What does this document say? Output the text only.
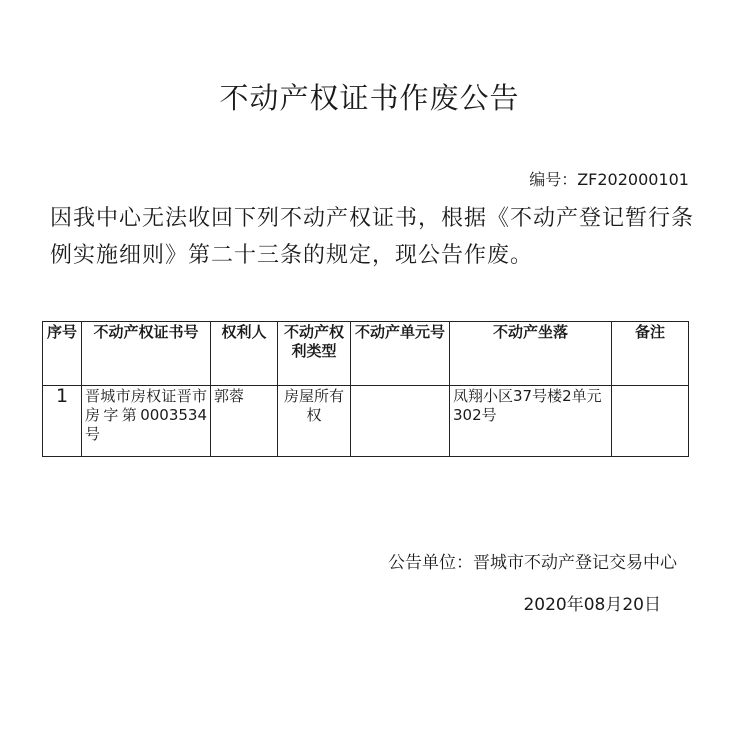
不动产权证书作废公告
编号：ZF202000101
因我中心无法收回下列不动产权证书，根据《不动产登记暂行条例实施细则》第二十三条的规定，现公告作废。
序号	不动产权证书号	权利人	不动产权利类型	不动产单元号	不动产坐落	备注
1	晋城市房权证晋市房字第0003534号	郭蓉	房屋所有权		凤翔小区37号楼2单元302号	
公告单位：晋城市不动产登记交易中心
2020年08月20日
